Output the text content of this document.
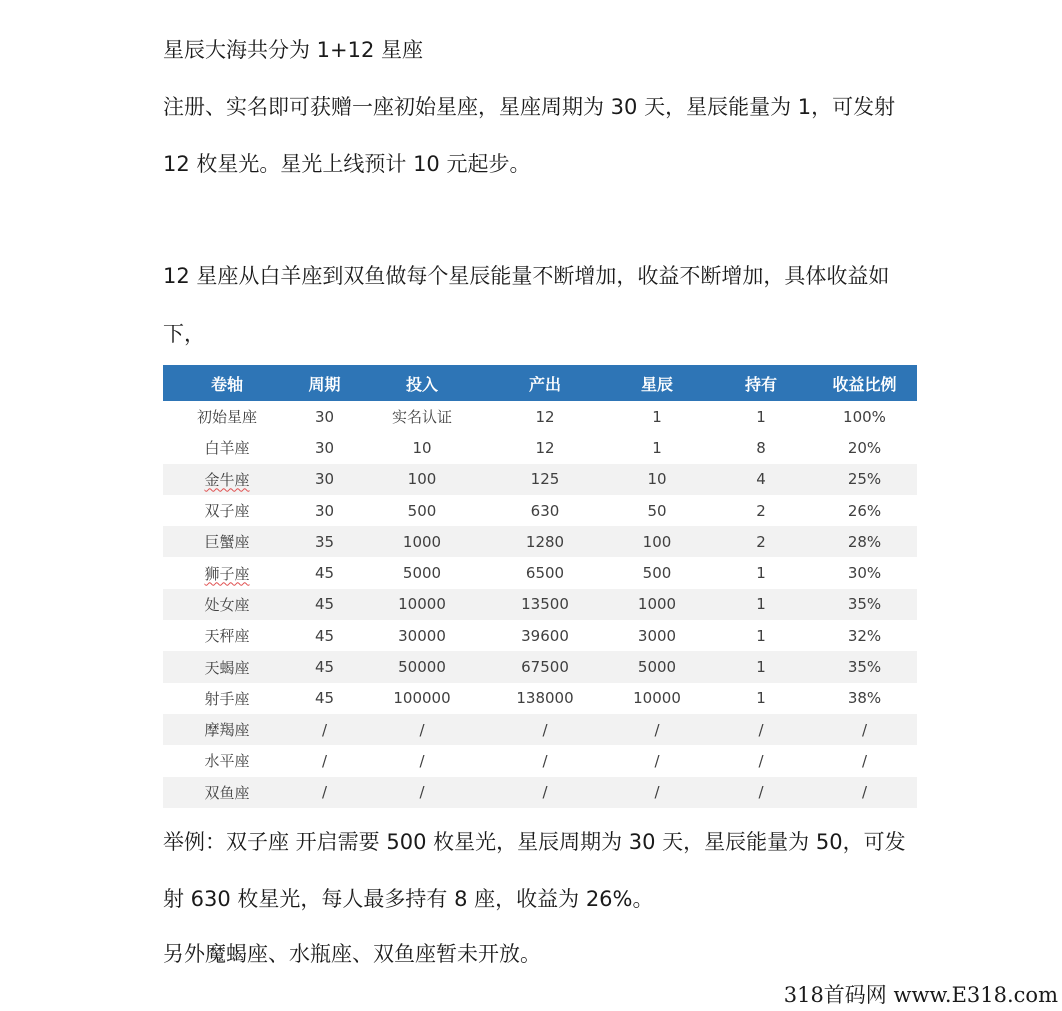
星辰大海共分为 1+12 星座
注册、实名即可获赠一座初始星座，星座周期为 30 天，星辰能量为 1，可发射
12 枚星光。星光上线预计 10 元起步。
12 星座从白羊座到双鱼做每个星辰能量不断增加，收益不断增加，具体收益如
下，
卷轴	周期	投入	产出	星辰	持有	收益比例
初始星座	30	实名认证	12	1	1	100%
白羊座	30	10	12	1	8	20%
金牛座	30	100	125	10	4	25%
双子座	30	500	630	50	2	26%
巨蟹座	35	1000	1280	100	2	28%
狮子座	45	5000	6500	500	1	30%
处女座	45	10000	13500	1000	1	35%
天秤座	45	30000	39600	3000	1	32%
天蝎座	45	50000	67500	5000	1	35%
射手座	45	100000	138000	10000	1	38%
摩羯座	/	/	/	/	/	/
水平座	/	/	/	/	/	/
双鱼座	/	/	/	/	/	/
举例：双子座 开启需要 500 枚星光，星辰周期为 30 天，星辰能量为 50，可发
射 630 枚星光，每人最多持有 8 座，收益为 26%。
另外魔蝎座、水瓶座、双鱼座暂未开放。
318首码网 www.E318.com
